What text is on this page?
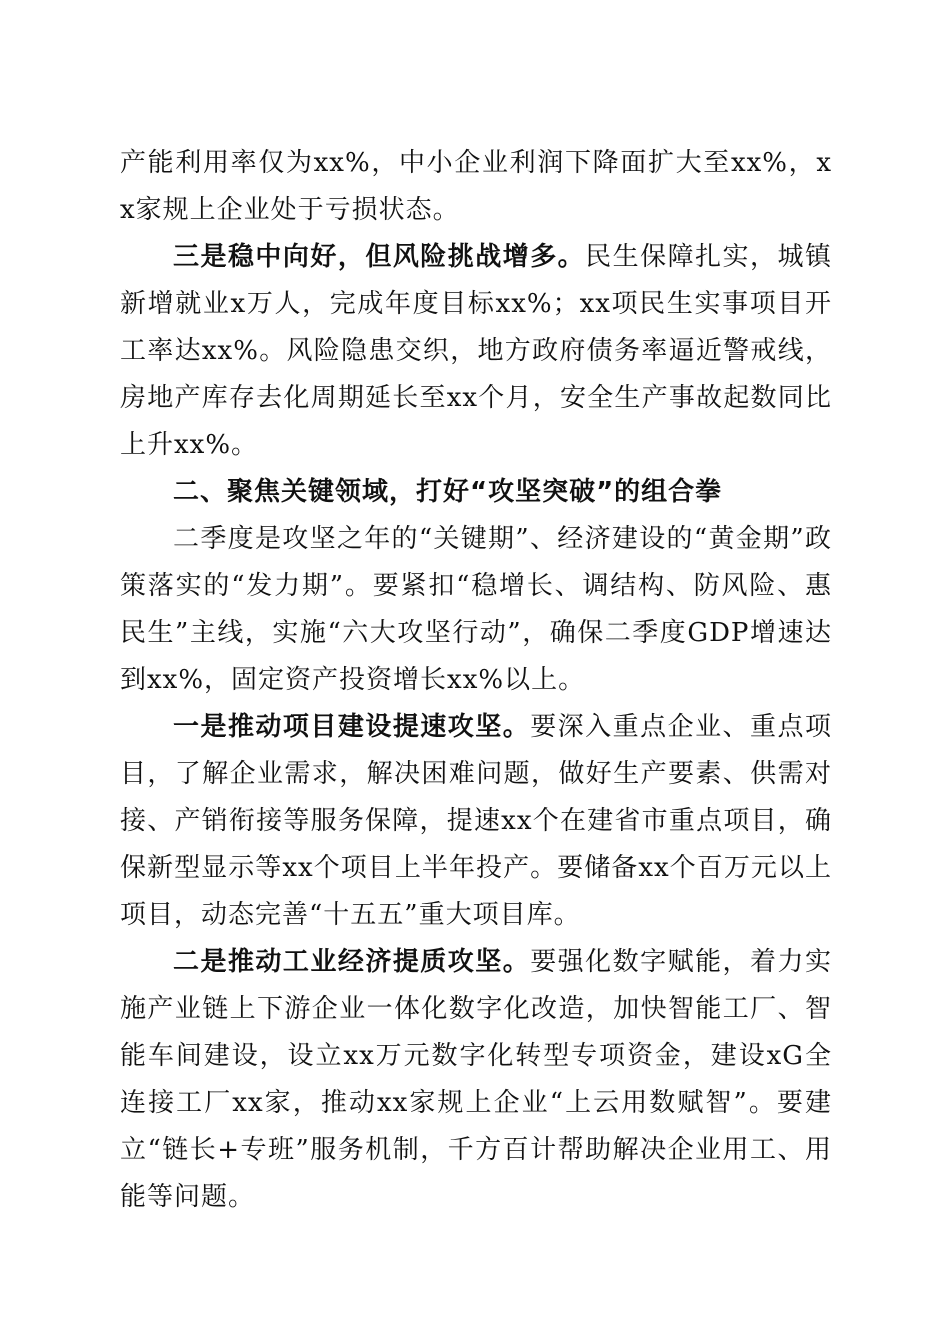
产能利用率仅为xx%，中小企业利润下降面扩大至xx%，xx家规上企业处于亏损状态。

三是稳中向好，但风险挑战增多。民生保障扎实，城镇新增就业x万人，完成年度目标xx%；xx项民生实事项目开工率达xx%。风险隐患交织，地方政府债务率逼近警戒线，房地产库存去化周期延长至xx个月，安全生产事故起数同比上升xx%。

二、聚焦关键领域，打好“攻坚突破”的组合拳

二季度是攻坚之年的“关键期”、经济建设的“黄金期”政策落实的“发力期”。要紧扣“稳增长、调结构、防风险、惠民生”主线，实施“六大攻坚行动”，确保二季度GDP增速达到xx%，固定资产投资增长xx%以上。

一是推动项目建设提速攻坚。要深入重点企业、重点项目，了解企业需求，解决困难问题，做好生产要素、供需对接、产销衔接等服务保障，提速xx个在建省市重点项目，确保新型显示等xx个项目上半年投产。要储备xx个百万元以上项目，动态完善“十五五”重大项目库。

二是推动工业经济提质攻坚。要强化数字赋能，着力实施产业链上下游企业一体化数字化改造，加快智能工厂、智能车间建设，设立xx万元数字化转型专项资金，建设xG全连接工厂xx家，推动xx家规上企业“上云用数赋智”。要建立“链长+专班”服务机制，千方百计帮助解决企业用工、用能等问题。
